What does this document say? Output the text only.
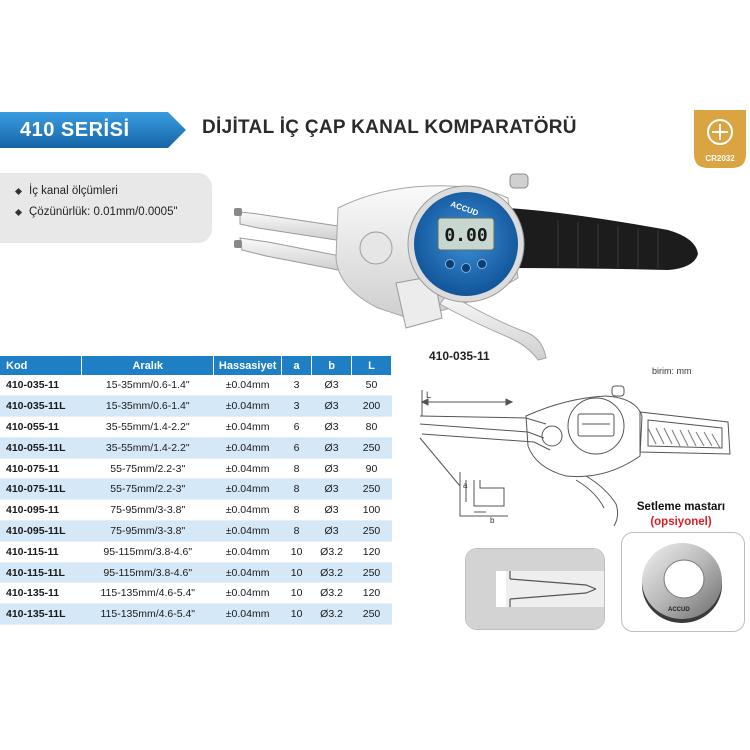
410 SERİSİ	DİJİTAL İÇ ÇAP KANAL KOMPARATÖRÜ
CR2032
İç kanal ölçümleri
Çözünürlük: 0.01mm/0.0005"
0.00
ACCUD
410-035-11
birim: mm
Kod	Aralık	Hassasiyet	a	b	L
410-035-11	15-35mm/0.6-1.4"	±0.04mm	3	Ø3	50
410-035-11L	15-35mm/0.6-1.4"	±0.04mm	3	Ø3	200
410-055-11	35-55mm/1.4-2.2"	±0.04mm	6	Ø3	80
410-055-11L	35-55mm/1.4-2.2"	±0.04mm	6	Ø3	250
410-075-11	55-75mm/2.2-3"	±0.04mm	8	Ø3	90
410-075-11L	55-75mm/2.2-3"	±0.04mm	8	Ø3	250
410-095-11	75-95mm/3-3.8"	±0.04mm	8	Ø3	100
410-095-11L	75-95mm/3-3.8"	±0.04mm	8	Ø3	250
410-115-11	95-115mm/3.8-4.6"	±0.04mm	10	Ø3.2	120
410-115-11L	95-115mm/3.8-4.6"	±0.04mm	10	Ø3.2	250
410-135-11	115-135mm/4.6-5.4"	±0.04mm	10	Ø3.2	120
410-135-11L	115-135mm/4.6-5.4"	±0.04mm	10	Ø3.2	250
L
a
b
Setleme mastarı
(opsiyonel)
ACCUD
